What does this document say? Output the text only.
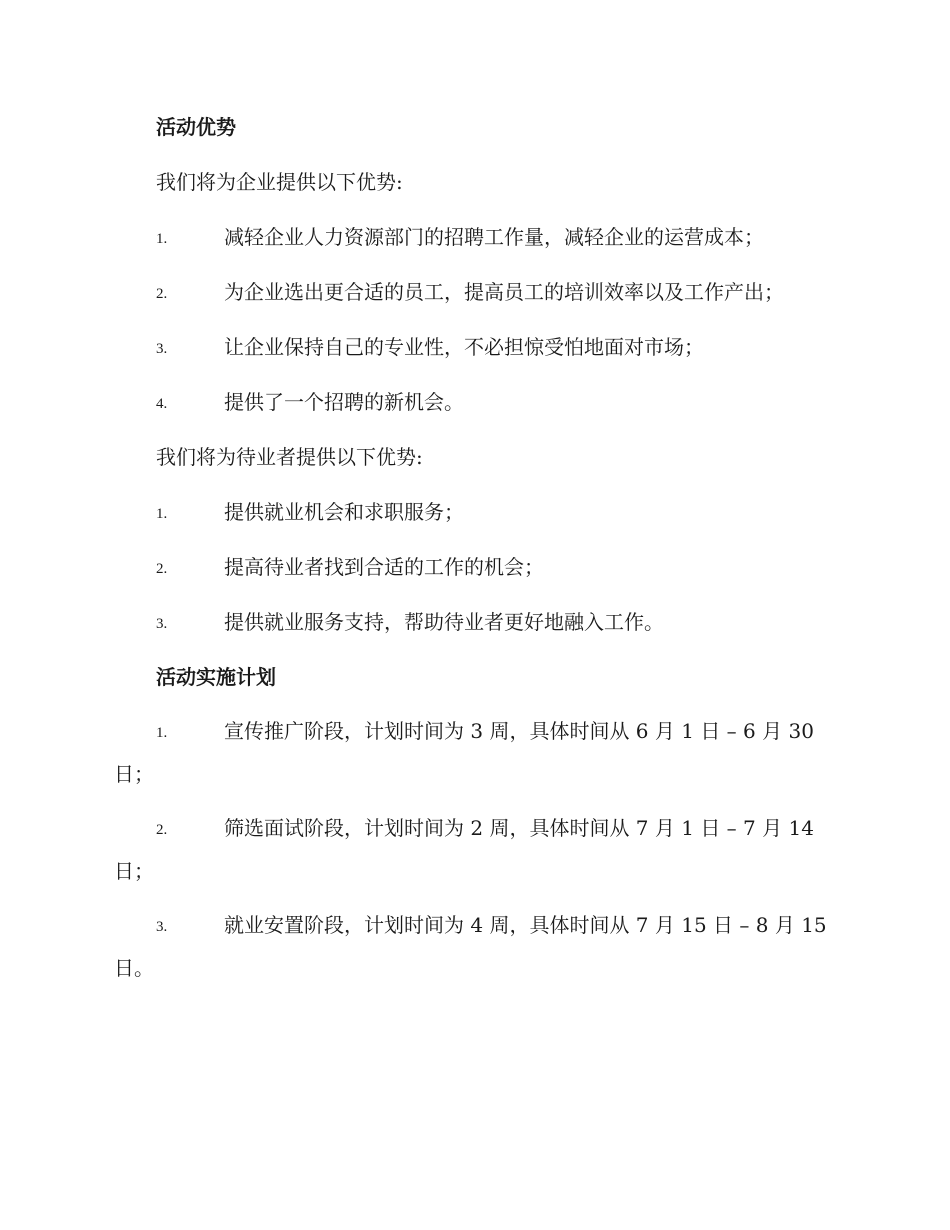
活动优势
我们将为企业提供以下优势:
1.	减轻企业人力资源部门的招聘工作量，减轻企业的运营成本；
2.	为企业选出更合适的员工，提高员工的培训效率以及工作产出；
3.	让企业保持自己的专业性，不必担惊受怕地面对市场；
4.	提供了一个招聘的新机会。
我们将为待业者提供以下优势:
1.	提供就业机会和求职服务；
2.	提高待业者找到合适的工作的机会；
3.	提供就业服务支持，帮助待业者更好地融入工作。
活动实施计划
1.	宣传推广阶段，计划时间为 3 周，具体时间从 6 月 1 日 – 6 月 30
日；
2.	筛选面试阶段，计划时间为 2 周，具体时间从 7 月 1 日 – 7 月 14
日；
3.	就业安置阶段，计划时间为 4 周，具体时间从 7 月 15 日 – 8 月 15
日。
